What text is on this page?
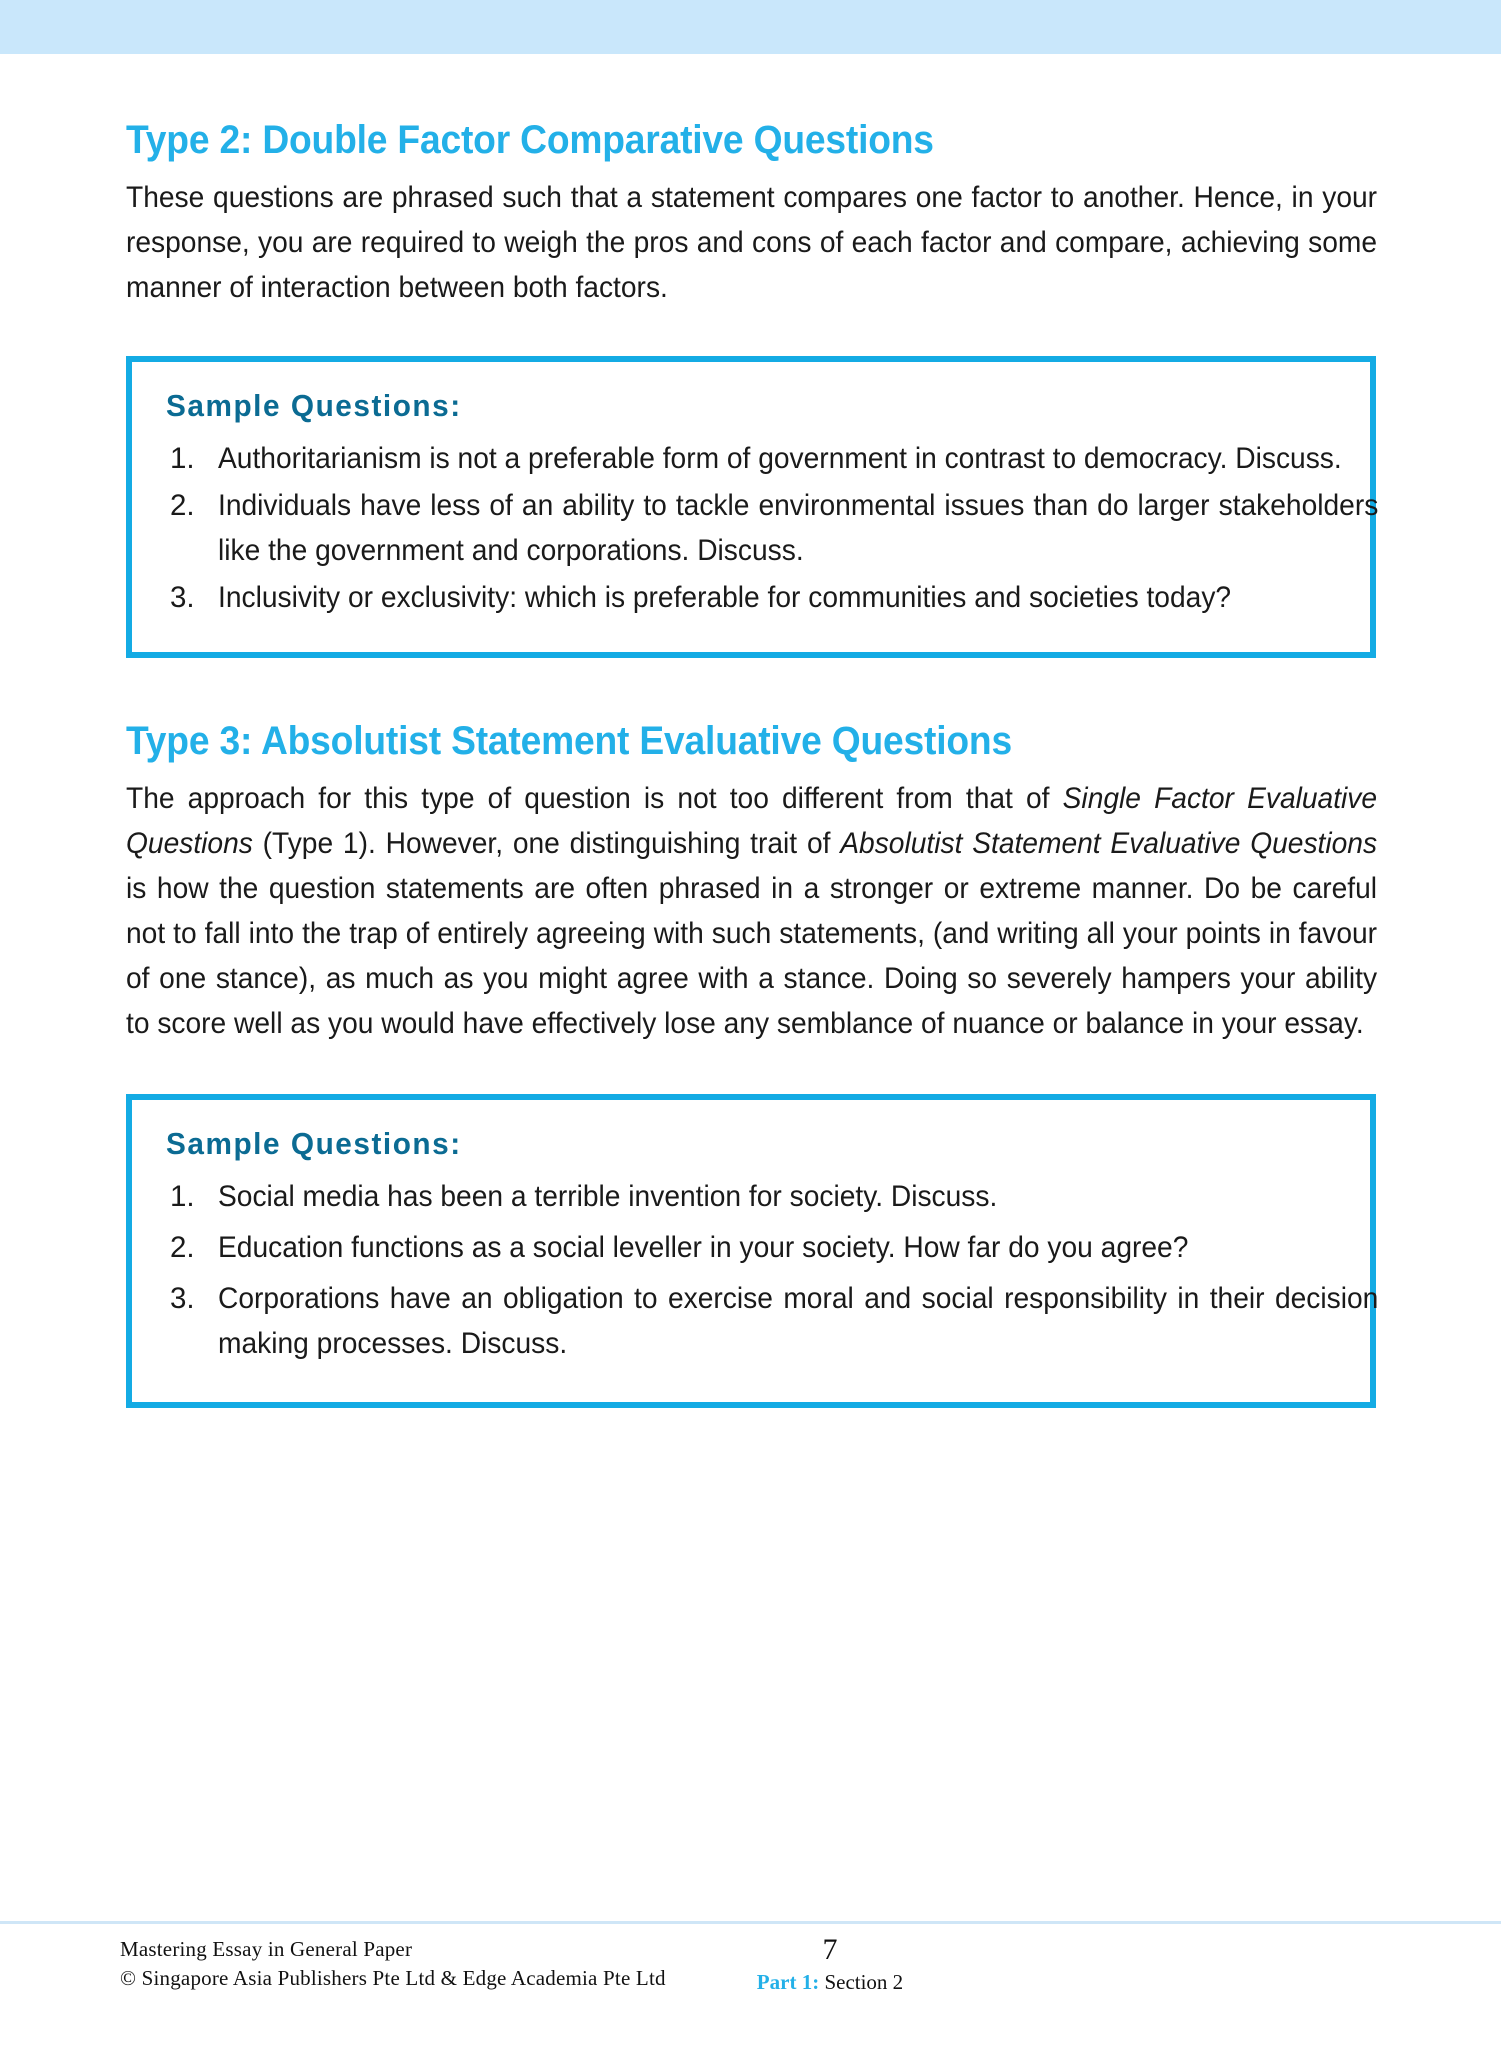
Type 2: Double Factor Comparative Questions

These questions are phrased such that a statement compares one factor to another. Hence, in your response, you are required to weigh the pros and cons of each factor and compare, achieving some manner of interaction between both factors.

Sample Questions:
Authoritarianism is not a preferable form of government in contrast to democracy. Discuss.
Individuals have less of an ability to tackle environmental issues than do larger stakeholders like the government and corporations. Discuss.
Inclusivity or exclusivity: which is preferable for communities and societies today?
Type 3: Absolutist Statement Evaluative Questions

The approach for this type of question is not too different from that of Single Factor Evaluative Questions (Type 1). However, one distinguishing trait of Absolutist Statement Evaluative Questions is how the question statements are often phrased in a stronger or extreme manner. Do be careful not to fall into the trap of entirely agreeing with such statements, (and writing all your points in favour of one stance), as much as you might agree with a stance. Doing so severely hampers your ability to score well as you would have effectively lose any semblance of nuance or balance in your essay.

Sample Questions:
Social media has been a terrible invention for society. Discuss.
Education functions as a social leveller in your society. How far do you agree?
Corporations have an obligation to exercise moral and social responsibility in their decision making processes. Discuss.
Mastering Essay in General Paper
© Singapore Asia Publishers Pte Ltd & Edge Academia Pte Ltd
7
Part 1: Section 2
